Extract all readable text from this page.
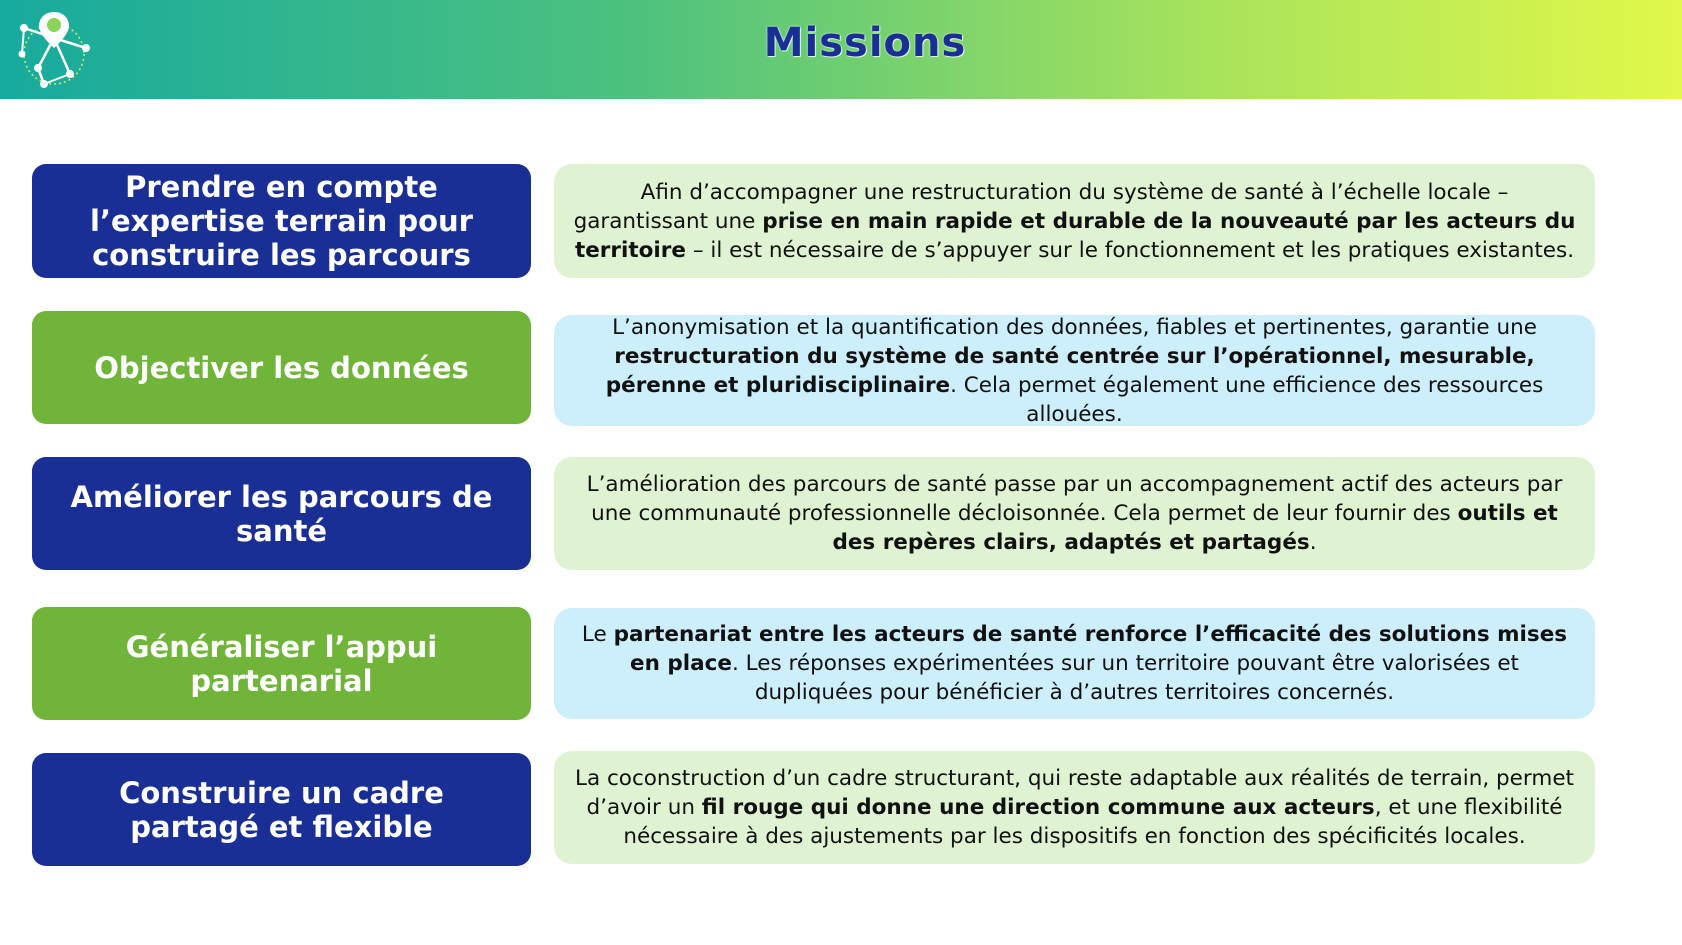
Missions
Prendre en compte l’expertise terrain pour construire les parcours
Afin d’accompagner une restructuration du système de santé à l’échelle locale – garantissant une prise en main rapide et durable de la nouveauté par les acteurs du territoire – il est nécessaire de s’appuyer sur le fonctionnement et les pratiques existantes.
Objectiver les données
L’anonymisation et la quantification des données, fiables et pertinentes, garantie une restructuration du système de santé centrée sur l’opérationnel, mesurable, pérenne et pluridisciplinaire. Cela permet également une efficience des ressources allouées.
Améliorer les parcours de santé
L’amélioration des parcours de santé passe par un accompagnement actif des acteurs par une communauté professionnelle décloisonnée. Cela permet de leur fournir des outils et des repères clairs, adaptés et partagés.
Généraliser l’appui partenarial
Le partenariat entre les acteurs de santé renforce l’efficacité des solutions mises en place. Les réponses expérimentées sur un territoire pouvant être valorisées et dupliquées pour bénéficier à d’autres territoires concernés.
Construire un cadre partagé et flexible
La coconstruction d’un cadre structurant, qui reste adaptable aux réalités de terrain, permet d’avoir un fil rouge qui donne une direction commune aux acteurs, et une flexibilité nécessaire à des ajustements par les dispositifs en fonction des spécificités locales.
